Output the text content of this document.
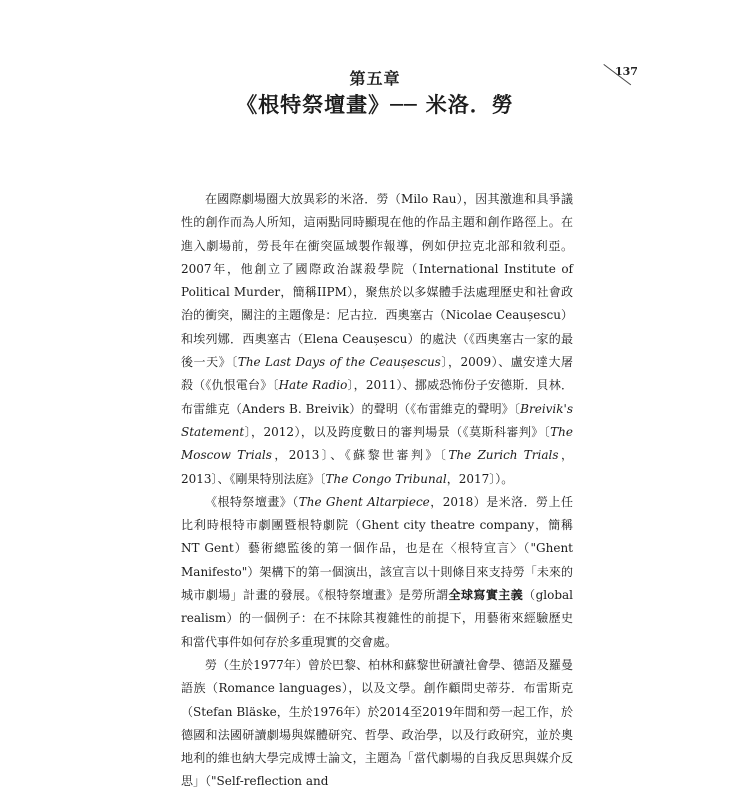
137
第五章
《根特祭壇畫》── 米洛．勞

在國際劇場圈大放異彩的米洛．勞（Milo Rau），因其激進和具爭議性的創作而為人所知，這兩點同時顯現在他的作品主題和創作路徑上。在進入劇場前，勞長年在衝突區域製作報導，例如伊拉克北部和敘利亞。2007年，他創立了國際政治謀殺學院（International Institute of Political Murder，簡稱IIPM），聚焦於以多媒體手法處理歷史和社會政治的衝突，關注的主題像是：尼古拉．西奧塞古（Nicolae Ceaușescu）和埃列娜．西奧塞古（Elena Ceaușescu）的處決（《西奧塞古一家的最後一天》〔The Last Days of the Ceaușescus〕，2009）、盧安達大屠殺（《仇恨電台》〔Hate Radio〕，2011）、挪威恐怖份子安德斯．貝林．布雷維克（Anders B. Breivik）的聲明（《布雷維克的聲明》〔Breivik's Statement〕，2012），以及跨度數日的審判場景（《莫斯科審判》〔The Moscow Trials，2013〕、《蘇黎世審判》〔The Zurich Trials，2013〕、《剛果特別法庭》〔The Congo Tribunal，2017〕）。

《根特祭壇畫》（The Ghent Altarpiece，2018）是米洛．勞上任比利時根特市劇團暨根特劇院（Ghent city theatre company，簡稱NT Gent）藝術總監後的第一個作品，也是在〈根特宣言〉（"Ghent Manifesto"）架構下的第一個演出，該宣言以十則條目來支持勞「未來的城市劇場」計畫的發展。《根特祭壇畫》是勞所謂全球寫實主義（global realism）的一個例子：在不抹除其複雜性的前提下，用藝術來經驗歷史和當代事件如何存於多重現實的交會處。

勞（生於1977年）曾於巴黎、柏林和蘇黎世研讀社會學、德語及羅曼語族（Romance languages），以及文學。創作顧問史蒂芬．布雷斯克（Stefan Bläske，生於1976年）於2014至2019年間和勞一起工作，於德國和法國研讀劇場與媒體研究、哲學、政治學，以及行政研究，並於奧地利的維也納大學完成博士論文，主題為「當代劇場的自我反思與媒介反思」（"Self-reflection and
